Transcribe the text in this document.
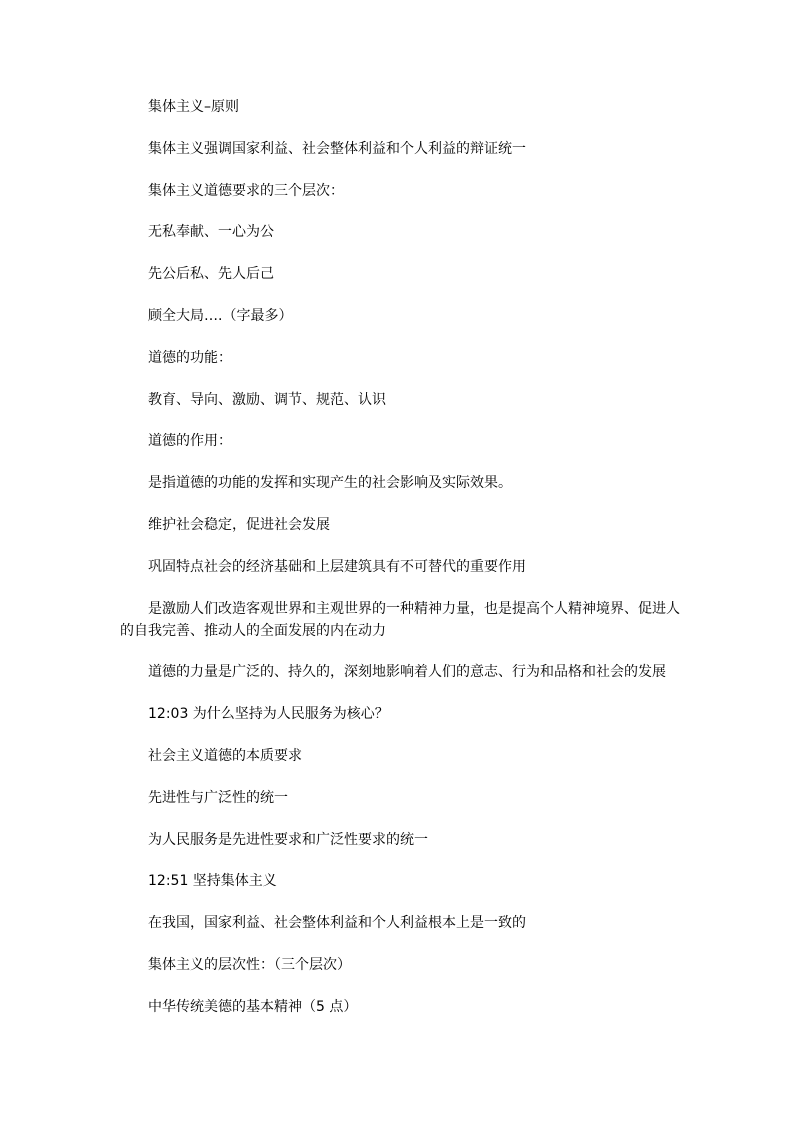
集体主义–原则

集体主义强调国家利益、社会整体利益和个人利益的辩证统一

集体主义道德要求的三个层次：

无私奉献、一心为公

先公后私、先人后己

顾全大局….（字最多）

道德的功能：

教育、导向、激励、调节、规范、认识

道德的作用：

是指道德的功能的发挥和实现产生的社会影响及实际效果。

维护社会稳定，促进社会发展

巩固特点社会的经济基础和上层建筑具有不可替代的重要作用

是激励人们改造客观世界和主观世界的一种精神力量，也是提高个人精神境界、促进人的自我完善、推动人的全面发展的内在动力

道德的力量是广泛的、持久的，深刻地影响着人们的意志、行为和品格和社会的发展

12:03 为什么坚持为人民服务为核心？

社会主义道德的本质要求

先进性与广泛性的统一

为人民服务是先进性要求和广泛性要求的统一

12:51 坚持集体主义

在我国，国家利益、社会整体利益和个人利益根本上是一致的

集体主义的层次性：（三个层次）

中华传统美德的基本精神（5 点）
